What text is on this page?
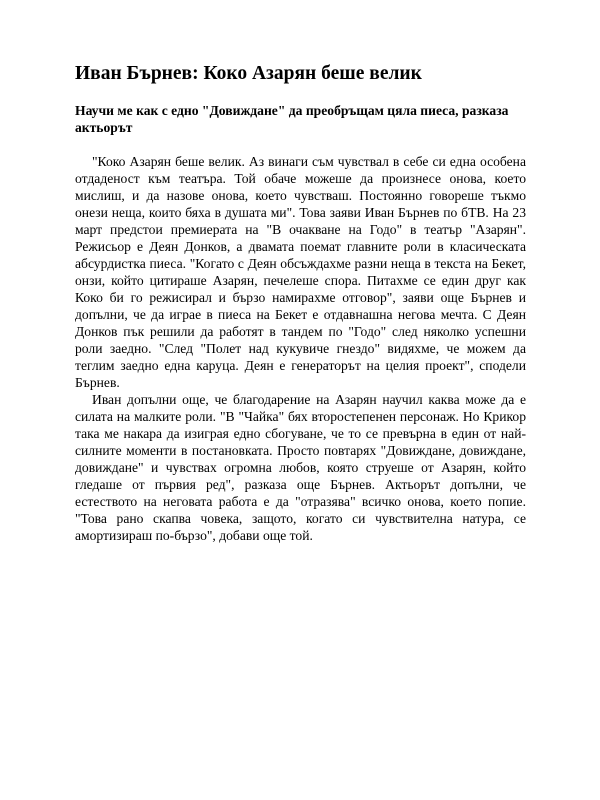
Иван Бърнев: Коко Азарян беше велик
Научи ме как с едно "Довиждане" да преобръщам цяла пиеса, разказа актьорът

"Коко Азарян беше велик. Аз винаги съм чувствал в себе си една особена отдаденост към театъра. Той обаче можеше да произнесе онова, което мислиш, и да назове онова, което чувстваш. Постоянно говореше тъкмо онези неща, които бяха в душата ми". Това заяви Иван Бърнев по бТВ. На 23 март предстои премиерата на "В очакване на Годо" в театър "Азарян". Режисьор е Деян Донков, а двамата поемат главните роли в класическата абсурдистка пиеса. "Когато с Деян обсъждахме разни неща в текста на Бекет, онзи, който цитираше Азарян, печелеше спора. Питахме се един друг как Коко би го режисирал и бързо намирахме отговор", заяви още Бърнев и допълни, че да играе в пиеса на Бекет е отдавнашна негова мечта. С Деян Донков пък решили да работят в тандем по "Годо" след няколко успешни роли заедно. "След "Полет над кукувиче гнездо" видяхме, че можем да теглим заедно една каруца. Деян е генераторът на целия проект", сподели Бърнев.

Иван допълни още, че благодарение на Азарян научил каква може да е силата на малките роли. "В "Чайка" бях второстепенен персонаж. Но Крикор така ме накара да изиграя едно сбогуване, че то се превърна в един от най-силните моменти в постановката. Просто повтарях "Довиждане, довиждане, довиждане" и чувствах огромна любов, която струеше от Азарян, който гледаше от първия ред", разказа още Бърнев. Актьорът допълни, че естеството на неговата работа е да "отразява" всичко онова, което попие. "Това рано скапва човека, защото, когато си чувствителна натура, се амортизираш по-бързо", добави още той.
